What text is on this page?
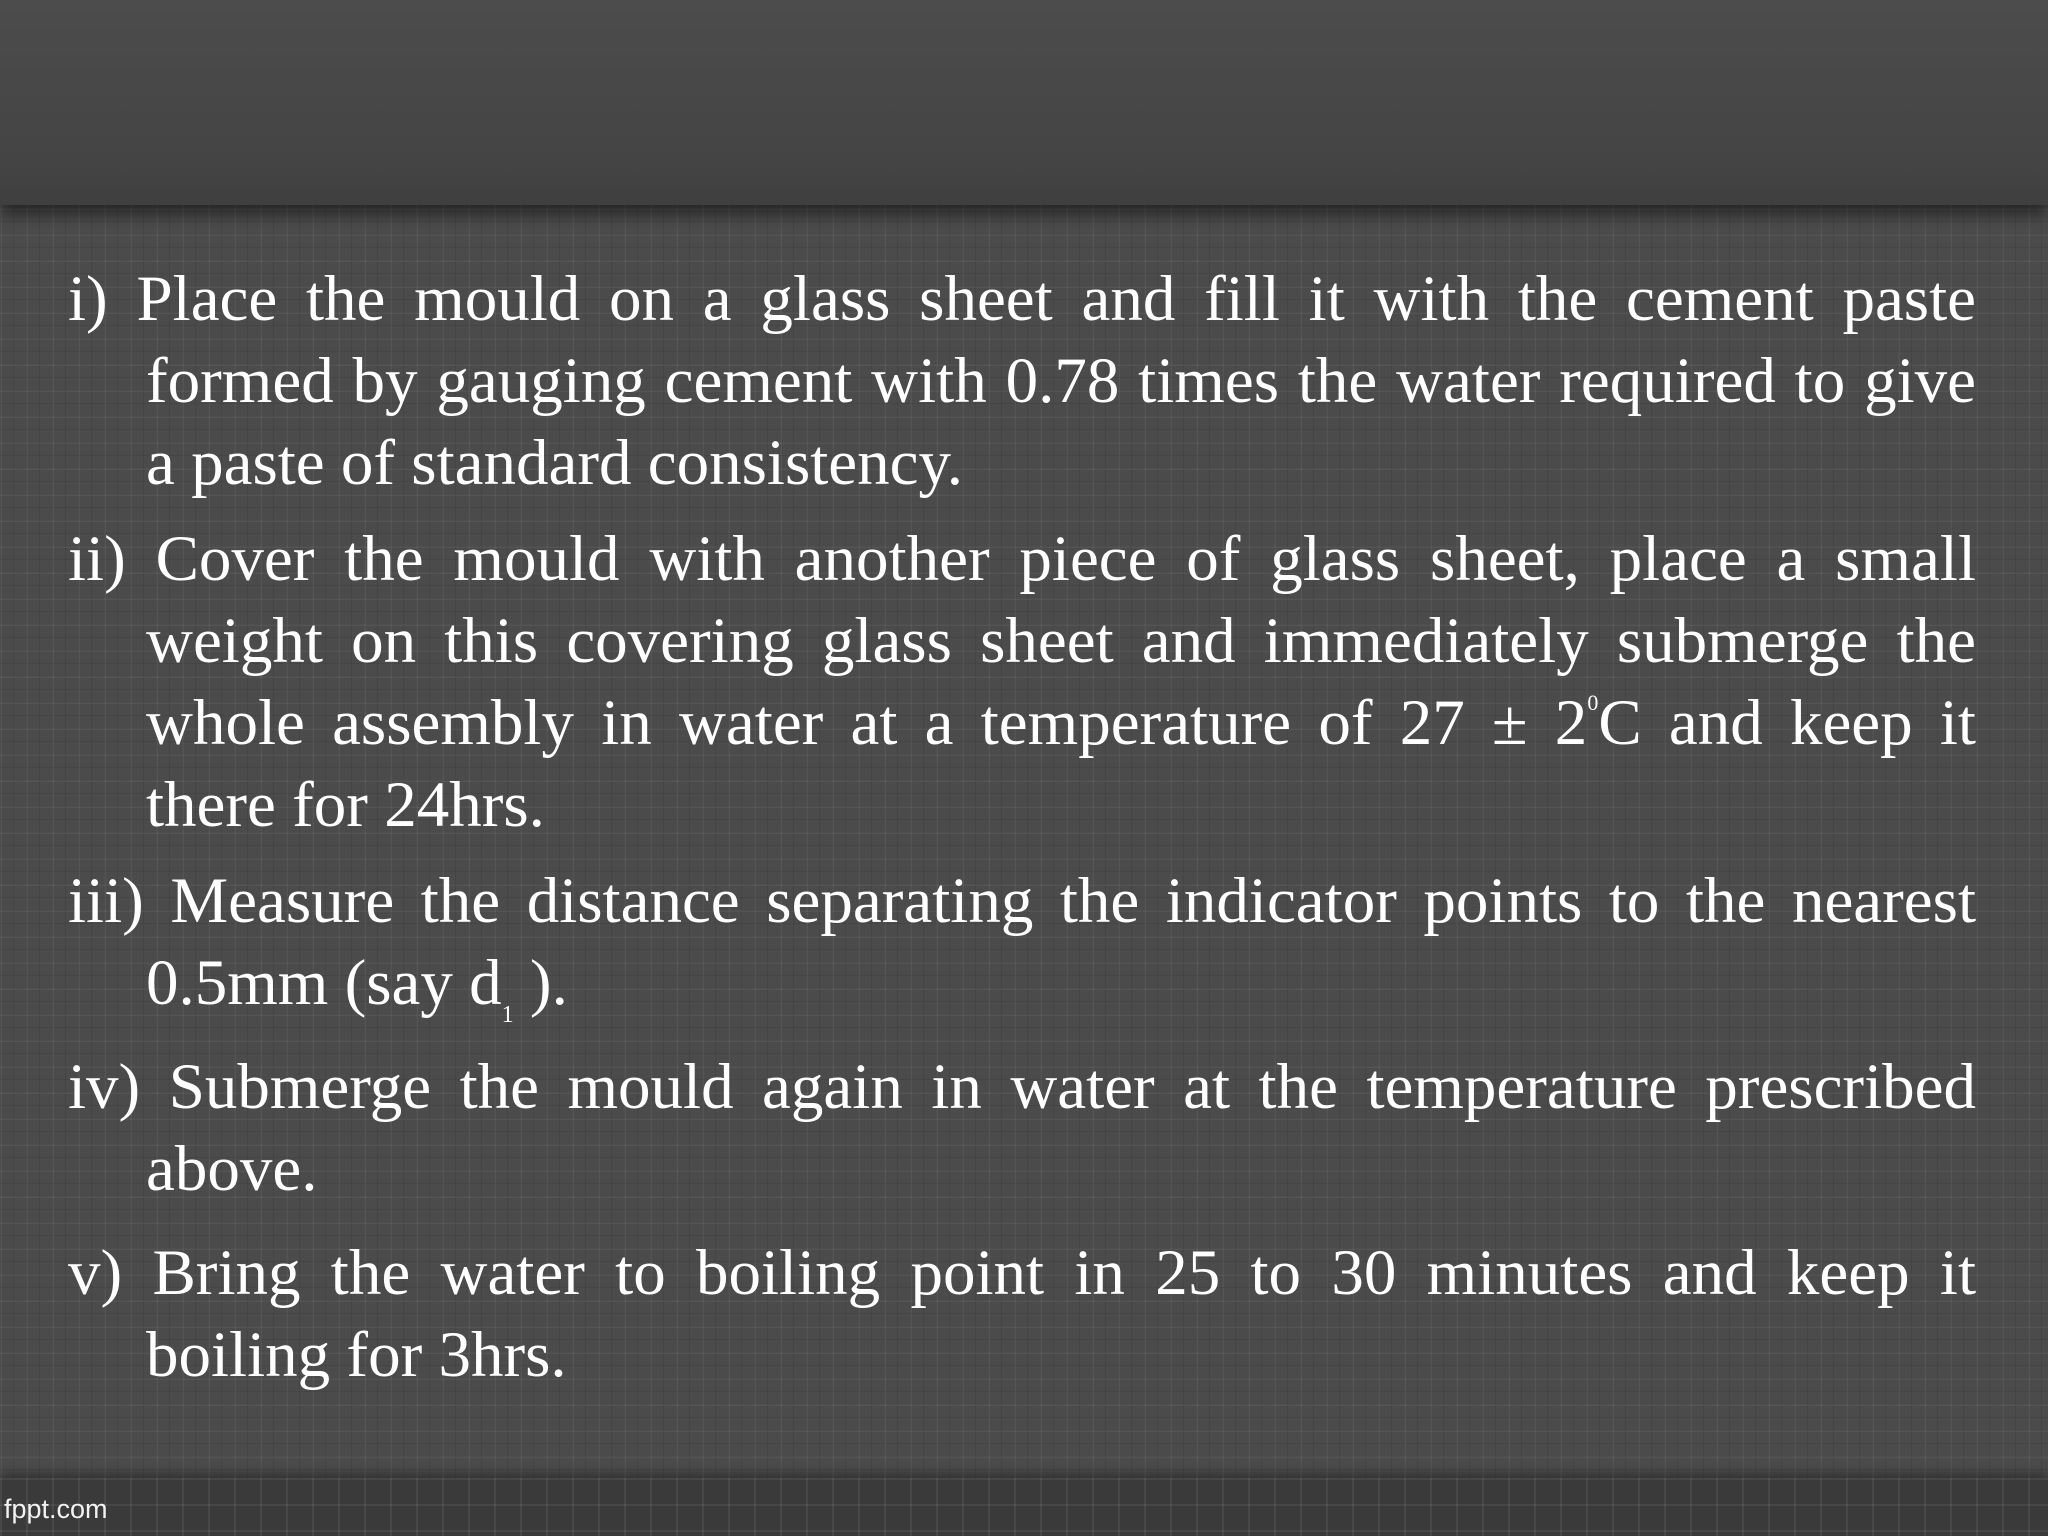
i) Place the mould on a glass sheet and fill it with the cement paste formed by gauging cement with 0.78 times the water required to give a paste of standard consistency.

ii) Cover the mould with another piece of glass sheet, place a small weight on this covering glass sheet and immediately submerge the whole assembly in water at a temperature of $27 \pm 2^0C$ and keep it there for 24hrs.

iii) Measure the distance separating the indicator points to the nearest 0.5mm (say $d_1$ ).

iv) Submerge the mould again in water at the temperature prescribed above.

v) Bring the water to boiling point in 25 to 30 minutes and keep it boiling for 3hrs.

fppt.com
